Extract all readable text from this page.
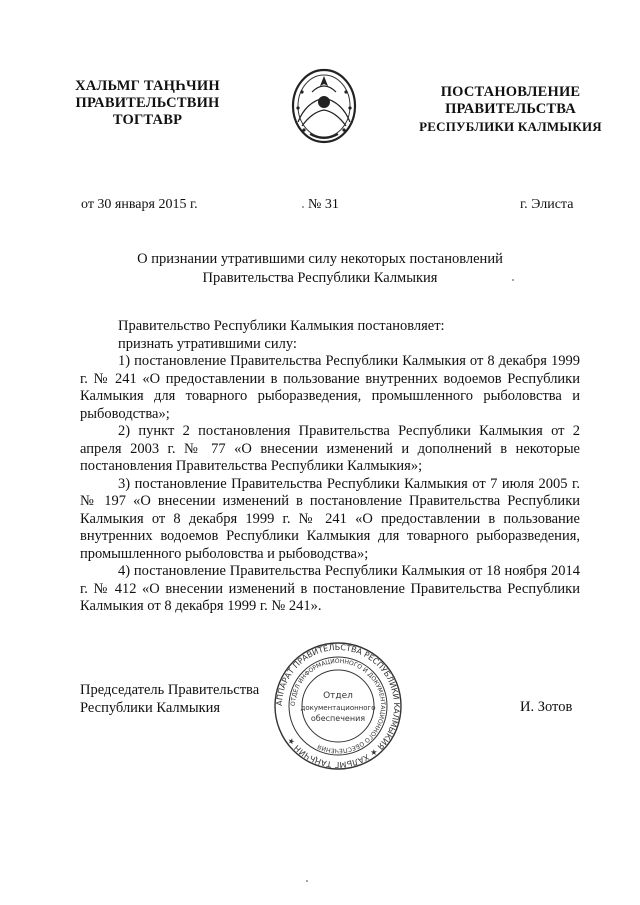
ХАЛЬМГ ТАҢҺЧИН
ПРАВИТЕЛЬСТВИН
ТОГТАВР
ПОСТАНОВЛЕНИЕ
ПРАВИТЕЛЬСТВА
РЕСПУБЛИКИ КАЛМЫКИЯ
от 30 января 2015 г.	№ 31	г. Элиста
О признании утратившими силу некоторых постановлений
Правительства Республики Калмыкия

Правительство Республики Калмыкия постановляет:

признать утратившими силу:

1) постановление Правительства Республики Калмыкия от 8 декабря 1999 г. № 241 «О предоставлении в пользование внутренних водоемов Республики Калмыкия для товарного рыборазведения, промышленного рыболовства и рыбоводства»;

2) пункт 2 постановления Правительства Республики Калмыкия от 2 апреля 2003 г. № 77 «О внесении изменений и дополнений в некоторые постановления Правительства Республики Калмыкия»;

3) постановление Правительства Республики Калмыкия от 7 июля 2005 г. № 197 «О внесении изменений в постановление Правительства Республики Калмыкия от 8 декабря 1999 г. № 241 «О предоставлении в пользование внутренних водоемов Республики Калмыкия для товарного рыборазведения, промышленного рыболовства и рыбоводства»;

4) постановление Правительства Республики Калмыкия от 18 ноября 2014 г. № 412 «О внесении изменений в постановление Правительства Республики Калмыкия от 8 декабря 1999 г. № 241».

Председатель Правительства
Республики Калмыкия	И. Зотов
АППАРАТ ПРАВИТЕЛЬСТВА РЕСПУБЛИКИ КАЛМЫКИЯ ★ ХАЛЬМГ ТАҢҺЧИН ★
ОТДЕЛ ИНФОРМАЦИОННОГО И ДОКУМЕНТАЦИОННОГО ОБЕСПЕЧЕНИЯ
Отдел
документационного
обеспечения
